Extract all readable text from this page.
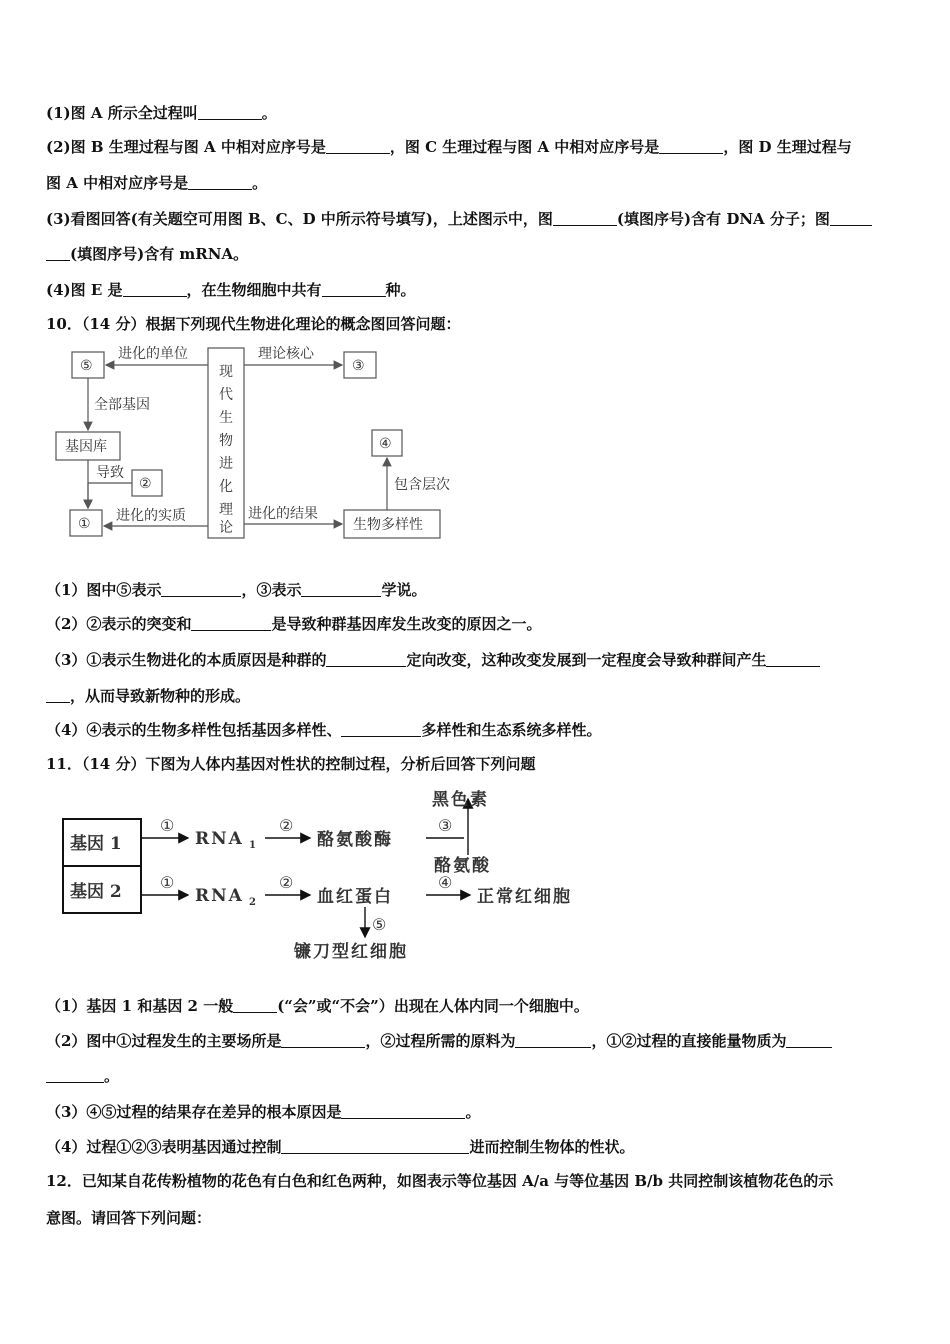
(1)图 A 所示全过程叫	。
(2)图 B 生理过程与图 A 中相对应序号是	，图 C 生理过程与图 A 中相对应序号是	，图 D 生理过程与
图 A 中相对应序号是	。
(3)看图回答(有关题空可用图 B、C、D 中所示符号填写)，上述图示中，图	(填图序号)含有 DNA 分子；图
(填图序号)含有 mRNA。
(4)图 E 是	，在生物细胞中共有	种。
10．（14 分）根据下列现代生物进化理论的概念图回答问题：
现
代
生
物
进
化
理
论
⑤	③
基因库
②
①
④
生物多样性
进化的单位	理论核心
全部基因
导致
进化的实质	进化的结果
包含层次
（1）图中⑤表示	，③表示	学说。
（2）②表示的突变和	是导致种群基因库发生改变的原因之一。
（3）①表示生物进化的本质原因是种群的	定向改变，这种改变发展到一定程度会导致种群间产生
，从而导致新物种的形成。
（4）④表示的生物多样性包括基因多样性、	多样性和生态系统多样性。
11．（14 分）下图为人体内基因对性状的控制过程，分析后回答下列问题
基因 1
基因 2
RNA 1
RNA 2
酪氨酸酶
黑色素
酪氨酸
血红蛋白	正常红细胞
镰刀型红细胞
①	②	③
①	②	④
⑤
（1）基因 1 和基因 2 一般	(“会”或“不会”）出现在人体内同一个细胞中。
（2）图中①过程发生的主要场所是	，②过程所需的原料为	，①②过程的直接能量物质为
。
（3）④⑤过程的结果存在差异的根本原因是	。
（4）过程①②③表明基因通过控制	进而控制生物体的性状。
12．已知某自花传粉植物的花色有白色和红色两种，如图表示等位基因 A/a 与等位基因 B/b 共同控制该植物花色的示
意图。请回答下列问题：
